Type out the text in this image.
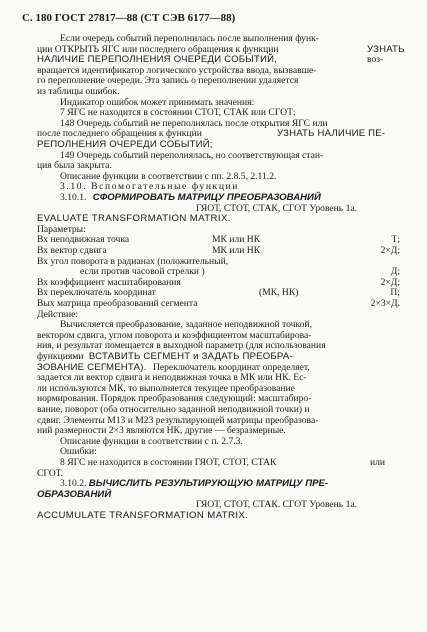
С. 180 ГОСТ 27817—88 (СТ СЭВ 6177—88)
Если очередь событий переполнилась после выполнения функ-
ции ОТКРЫТЬ ЯГС или последнего обращения к функции	УЗНАТЬ
НАЛИЧИЕ ПЕРЕПОЛНЕНИЯ ОЧЕРЕДИ СОБЫТИЙ,	воз-
вращается идентификатор логического устройства ввода, вызвавше-
го переполнение очереди. Эта запись о переполнении удаляется
из таблицы ошибок.
Индикатор ошибок может принимать значения:
7 ЯГС не находится в состоянии СТОТ, СТАК или СГОТ;
148 Очередь событий не переполнялась после открытия ЯГС или
после последнего обращения к функции	УЗНАТЬ НАЛИЧИЕ ПЕ-
РЕПОЛНЕНИЯ ОЧЕРЕДИ СОБЫТИЙ;
149 Очередь событий переполнялась, но соответствующая стан-
ция была закрыта.
Описание функции в соответствии с пп. 2.8.5, 2.11.2.
3.10. Вспомогательные функции
3.10.1. СФОРМИРОВАТЬ МАТРИЦУ ПРЕОБРАЗОВАНИЙ
ГЯОТ, СТОТ, СТАК, СГОТ Уровень 1а.
EVALUATE TRANSFORMATION MATRIX.
Параметры:
Вх неподвижная точка	МК или НК	Т;
Вх вектор сдвига	МК или НК	2×Д;
Вх угол поворота в радианах (положительный,
если против часовой стрелки )	Д;
Вх коэффициент масштабирования	2×Д;
Вх переключатель координат	(МК, НК)	П;
Вых матрица преобразований сегмента	2×3×Д.
Действие:
Вычисляется преобразование, заданное неподвижной точкой,
вектором сдвига, углом поворота и коэффициентом масштабирова-
ния, и результат помещается в выходной параметр (для использования
функциями ВСТАВИТЬ СЕГМЕНТ и ЗАДАТЬ ПРЕОБРА-
ЗОВАНИЕ СЕГМЕНТА). Переключатель координат определяет,
задается ли вектор сдвига и неподвижная точка в МК или НК. Ес-
ли используются МК, то выполняется текущее преобразование
нормирования. Порядок преобразования следующий: масштабиро-
вание, поворот (оба относительно заданной неподвижной точки) и
сдвиг. Элементы М13 и М23 результирующей матрицы преобразова-
ний размерности 2×3 являются НК, другие — безразмерные.
Описание функции в соответствии с п. 2.7.3.
Ошибки:
8 ЯГС не находится в состоянии ГЯОТ, СТОТ, СТАК	или
СГОТ.
3.10.2. ВЫЧИСЛИТЬ РЕЗУЛЬТИРУЮЩУЮ МАТРИЦУ ПРЕ-
ОБРАЗОВАНИЙ
ГЯОТ, СТОТ, СТАК. СГОТ Уровень 1а.
ACCUMULATE TRANSFORMATION MATRIX.
